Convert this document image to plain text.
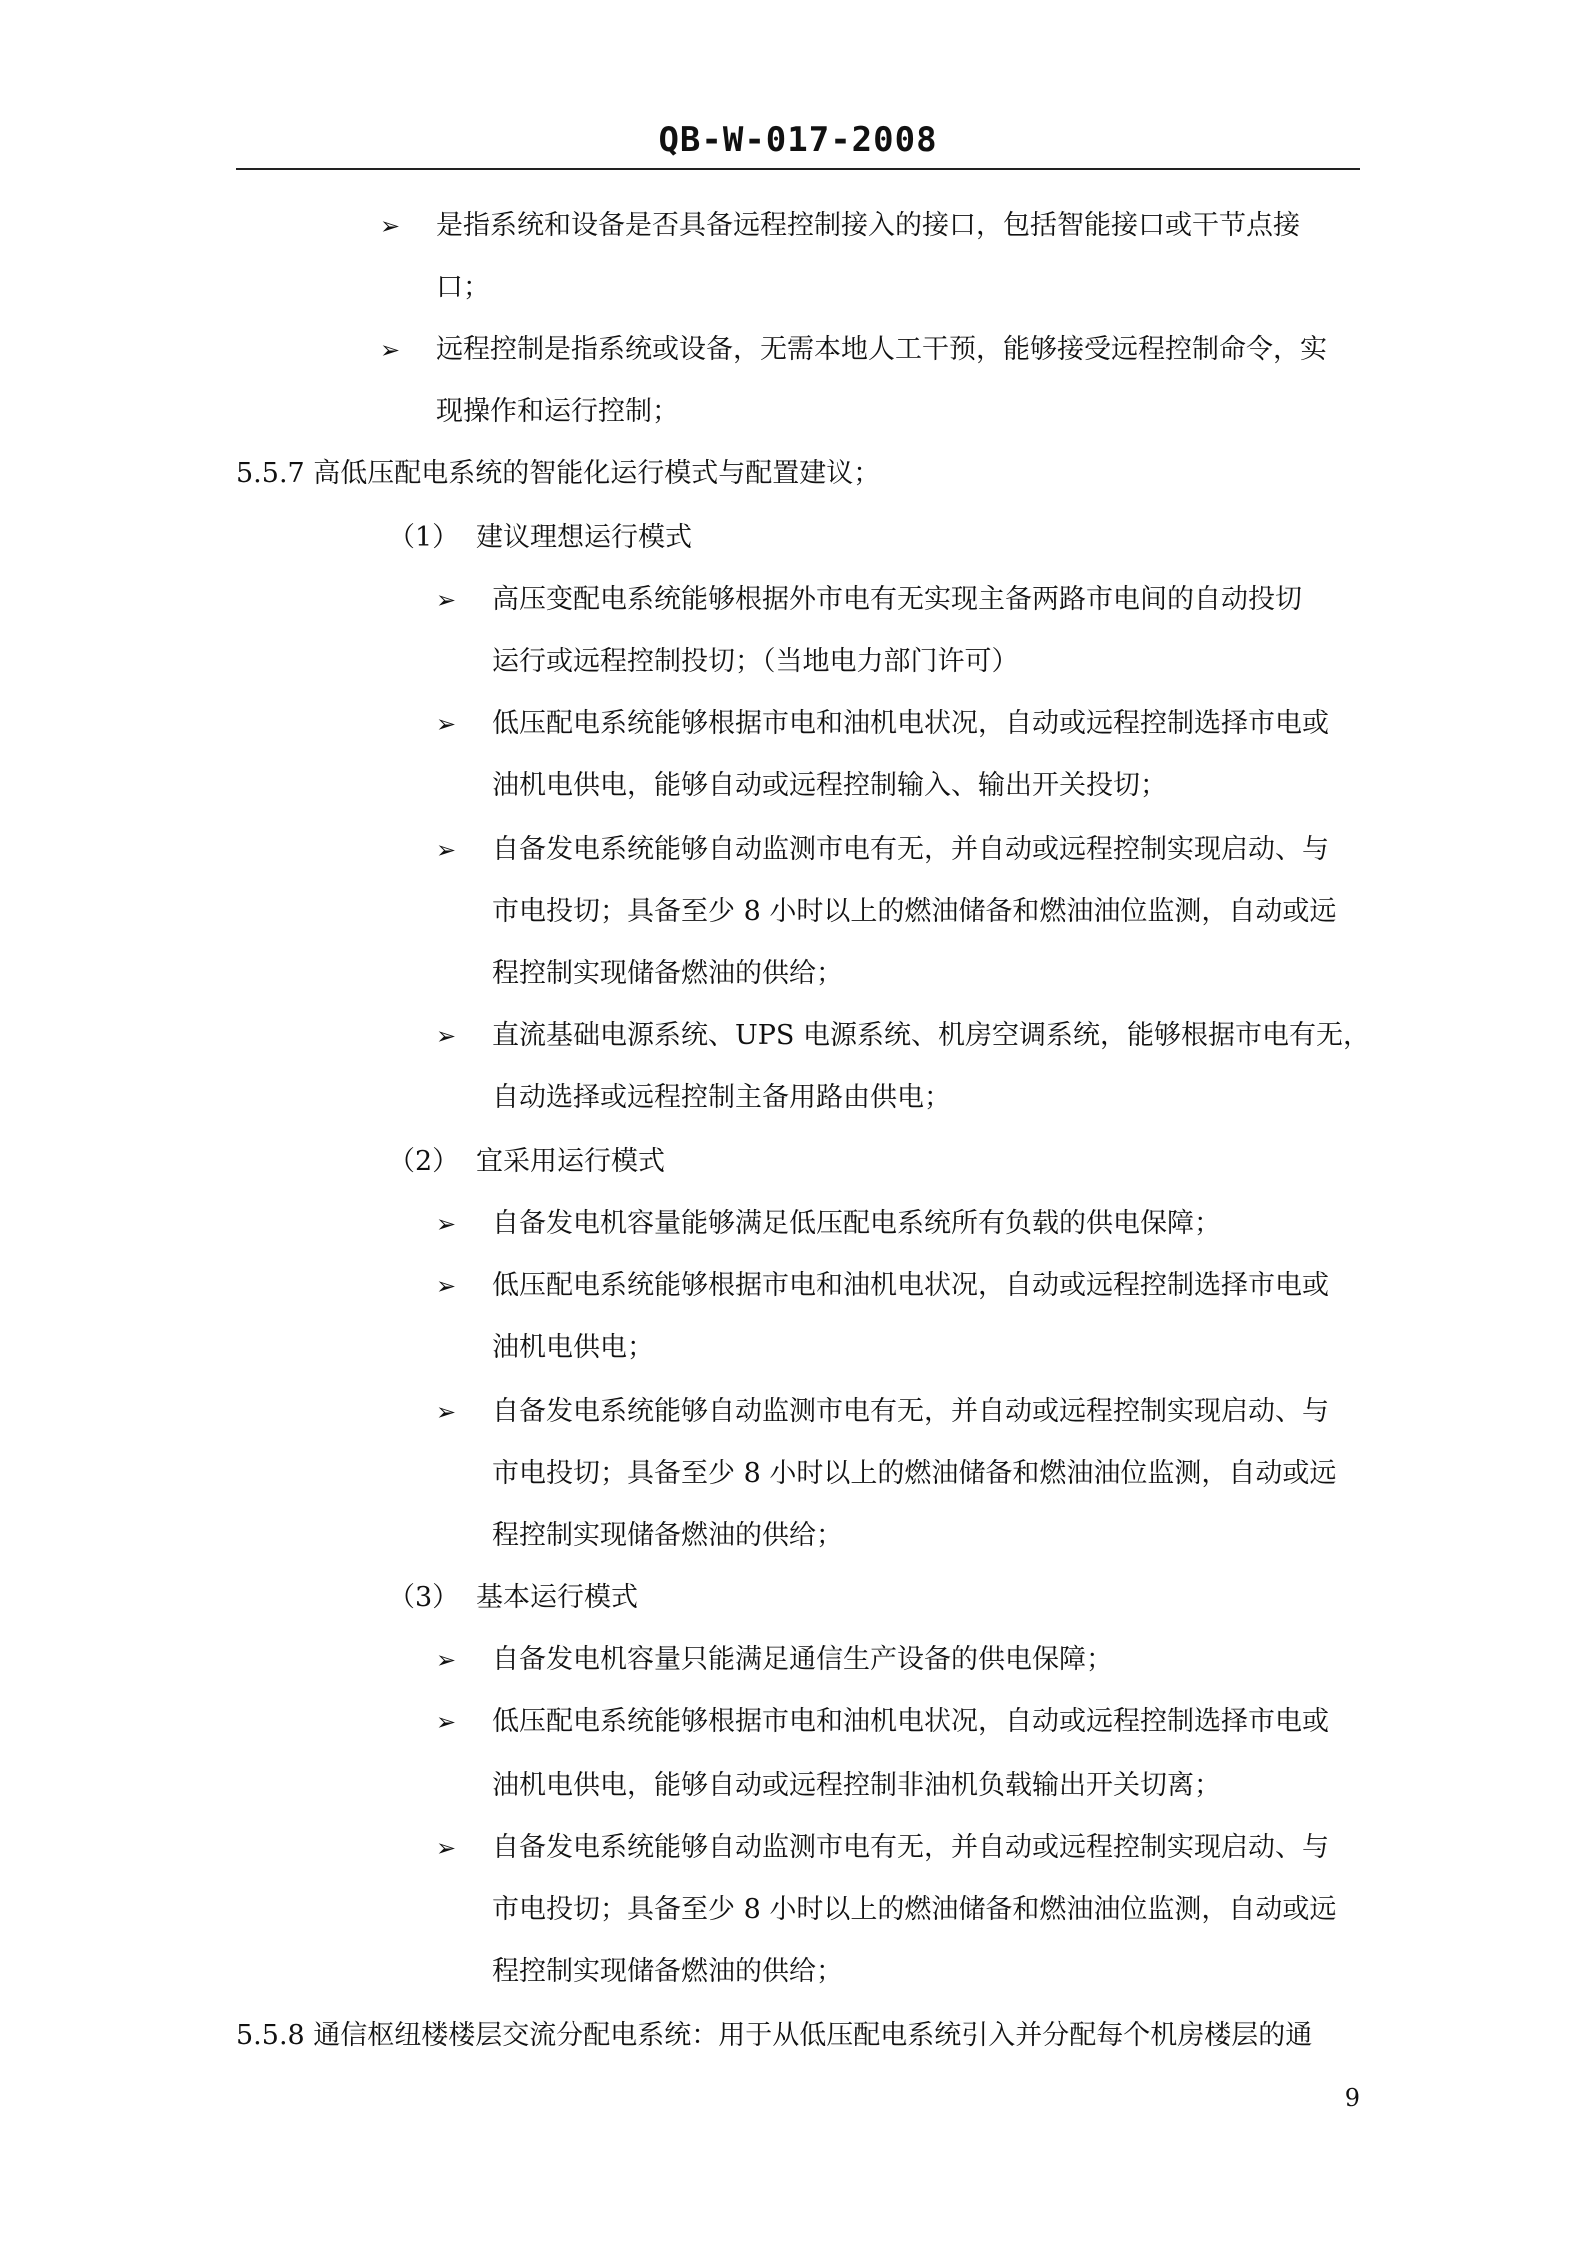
QB-W-017-2008
➢ 是指系统和设备是否具备远程控制接入的接口，包括智能接口或干节点接
口；
➢ 远程控制是指系统或设备，无需本地人工干预，能够接受远程控制命令，实
现操作和运行控制；
5.5.7 高低压配电系统的智能化运行模式与配置建议；
（1） 建议理想运行模式
➢ 高压变配电系统能够根据外市电有无实现主备两路市电间的自动投切
运行或远程控制投切；（当地电力部门许可）
➢ 低压配电系统能够根据市电和油机电状况，自动或远程控制选择市电或
油机电供电，能够自动或远程控制输入、输出开关投切；
➢ 自备发电系统能够自动监测市电有无，并自动或远程控制实现启动、与
市电投切；具备至少 8 小时以上的燃油储备和燃油油位监测，自动或远
程控制实现储备燃油的供给；
➢ 直流基础电源系统、UPS 电源系统、机房空调系统，能够根据市电有无，
自动选择或远程控制主备用路由供电；
（2） 宜采用运行模式
➢ 自备发电机容量能够满足低压配电系统所有负载的供电保障；
➢ 低压配电系统能够根据市电和油机电状况，自动或远程控制选择市电或
油机电供电；
➢ 自备发电系统能够自动监测市电有无，并自动或远程控制实现启动、与
市电投切；具备至少 8 小时以上的燃油储备和燃油油位监测，自动或远
程控制实现储备燃油的供给；
（3） 基本运行模式
➢ 自备发电机容量只能满足通信生产设备的供电保障；
➢ 低压配电系统能够根据市电和油机电状况，自动或远程控制选择市电或
油机电供电，能够自动或远程控制非油机负载输出开关切离；
➢ 自备发电系统能够自动监测市电有无，并自动或远程控制实现启动、与
市电投切；具备至少 8 小时以上的燃油储备和燃油油位监测，自动或远
程控制实现储备燃油的供给；
5.5.8 通信枢纽楼楼层交流分配电系统：用于从低压配电系统引入并分配每个机房楼层的通
9
